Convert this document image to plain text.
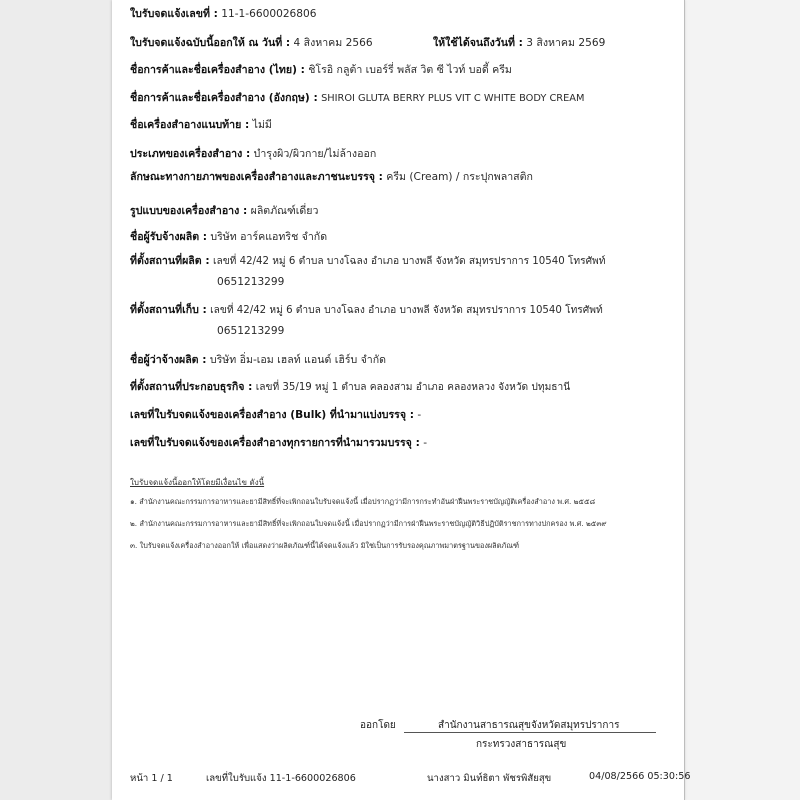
ใบรับจดแจ้งเลขที่ : 11-1-6600026806
ใบรับจดแจ้งฉบับนี้ออกให้ ณ วันที่ : 4 สิงหาคม 2566	ให้ใช้ได้จนถึงวันที่ : 3 สิงหาคม 2569
ชื่อการค้าและชื่อเครื่องสำอาง (ไทย) : ชิโรอิ กลูต้า เบอร์รี่ พลัส วิต ซี ไวท์ บอดี้ ครีม
ชื่อการค้าและชื่อเครื่องสำอาง (อังกฤษ) : SHIROI GLUTA BERRY PLUS VIT C WHITE BODY CREAM
ชื่อเครื่องสำอางแนบท้าย : ไม่มี
ประเภทของเครื่องสำอาง : บำรุงผิว/ผิวกาย/ไม่ล้างออก
ลักษณะทางกายภาพของเครื่องสำอางและภาชนะบรรจุ : ครีม (Cream) / กระปุกพลาสติก
รูปแบบของเครื่องสำอาง : ผลิตภัณฑ์เดี่ยว
ชื่อผู้รับจ้างผลิต : บริษัท อาร์คแอทริช จำกัด
ที่ตั้งสถานที่ผลิต : เลขที่ 42/42 หมู่ 6 ตำบล บางโฉลง อำเภอ บางพลี จังหวัด สมุทรปราการ 10540 โทรศัพท์
0651213299
ที่ตั้งสถานที่เก็บ : เลขที่ 42/42 หมู่ 6 ตำบล บางโฉลง อำเภอ บางพลี จังหวัด สมุทรปราการ 10540 โทรศัพท์
0651213299
ชื่อผู้ว่าจ้างผลิต : บริษัท อิ่ม-เอม เฮลท์ แอนด์ เฮิร์บ จำกัด
ที่ตั้งสถานที่ประกอบธุรกิจ : เลขที่ 35/19 หมู่ 1 ตำบล คลองสาม อำเภอ คลองหลวง จังหวัด ปทุมธานี
เลขที่ใบรับจดแจ้งของเครื่องสำอาง (Bulk) ที่นำมาแบ่งบรรจุ : -
เลขที่ใบรับจดแจ้งของเครื่องสำอางทุกรายการที่นำมารวมบรรจุ : -
ใบรับจดแจ้งนี้ออกให้โดยมีเงื่อนไข ดังนี้
๑. สำนักงานคณะกรรมการอาหารและยามีสิทธิ์ที่จะเพิกถอนใบรับจดแจ้งนี้ เมื่อปรากฏว่ามีการกระทำอันฝ่าฝืนพระราชบัญญัติเครื่องสำอาง พ.ศ. ๒๕๕๘
๒. สำนักงานคณะกรรมการอาหารและยามีสิทธิ์ที่จะเพิกถอนใบจดแจ้งนี้ เมื่อปรากฏว่ามีการฝ่าฝืนพระราชบัญญัติวิธีปฏิบัติราชการทางปกครอง พ.ศ. ๒๕๓๙
๓. ใบรับจดแจ้งเครื่องสำอางออกให้ เพื่อแสดงว่าผลิตภัณฑ์นี้ได้จดแจ้งแล้ว มิใช่เป็นการรับรองคุณภาพมาตรฐานของผลิตภัณฑ์
ออกโดย	สำนักงานสาธารณสุขจังหวัดสมุทรปราการ
กระทรวงสาธารณสุข
หน้า 1 / 1	เลขที่ใบรับแจ้ง 11-1-6600026806	นางสาว มินท์ธิตา พัชรพิสัยสุข	04/08/2566 05:30:56
